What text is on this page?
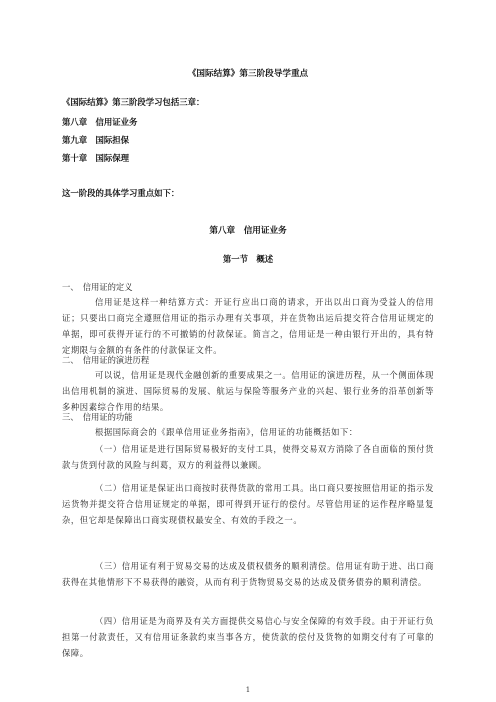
《国际结算》第三阶段导学重点
《国际结算》第三阶段学习包括三章：
第八章　信用证业务
第九章　国际担保
第十章　国际保理
这一阶段的具体学习重点如下：
第八章　信用证业务
第一节　概述
一、　信用证的定义
信用证是这样一种结算方式：开证行应出口商的请求，开出以出口商为受益人的信用证；只要出口商完全遵照信用证的指示办理有关事项，并在货物出运后提交符合信用证规定的单据，即可获得开证行的不可撤销的付款保证。简言之，信用证是一种由银行开出的，具有特定期限与金额的有条件的付款保证文件。
二、　信用证的演进历程
可以说，信用证是现代金融创新的重要成果之一。信用证的演进历程，从一个侧面体现出信用机制的演进、国际贸易的发展、航运与保险等服务产业的兴起、银行业务的沿革创新等多种因素综合作用的结果。
三、　信用证的功能
根据国际商会的《跟单信用证业务指南》，信用证的功能概括如下：
（一）信用证是进行国际贸易极好的支付工具，使得交易双方消除了各自面临的预付货款与货到付款的风险与纠葛，双方的利益得以兼顾。
（二）信用证是保证出口商按时获得货款的常用工具。出口商只要按照信用证的指示发运货物并提交符合信用证规定的单据，即可得到开证行的偿付。尽管信用证的运作程序略显复杂，但它却是保障出口商实现债权最安全、有效的手段之一。
（三）信用证有利于贸易交易的达成及债权债务的顺利清偿。信用证有助于进、出口商获得在其他情形下不易获得的融资，从而有利于货物贸易交易的达成及债务债券的顺利清偿。
（四）信用证是为商界及有关方面提供交易信心与安全保障的有效手段。由于开证行负担第一付款责任，又有信用证条款约束当事各方，使货款的偿付及货物的如期交付有了可靠的保障。
1
